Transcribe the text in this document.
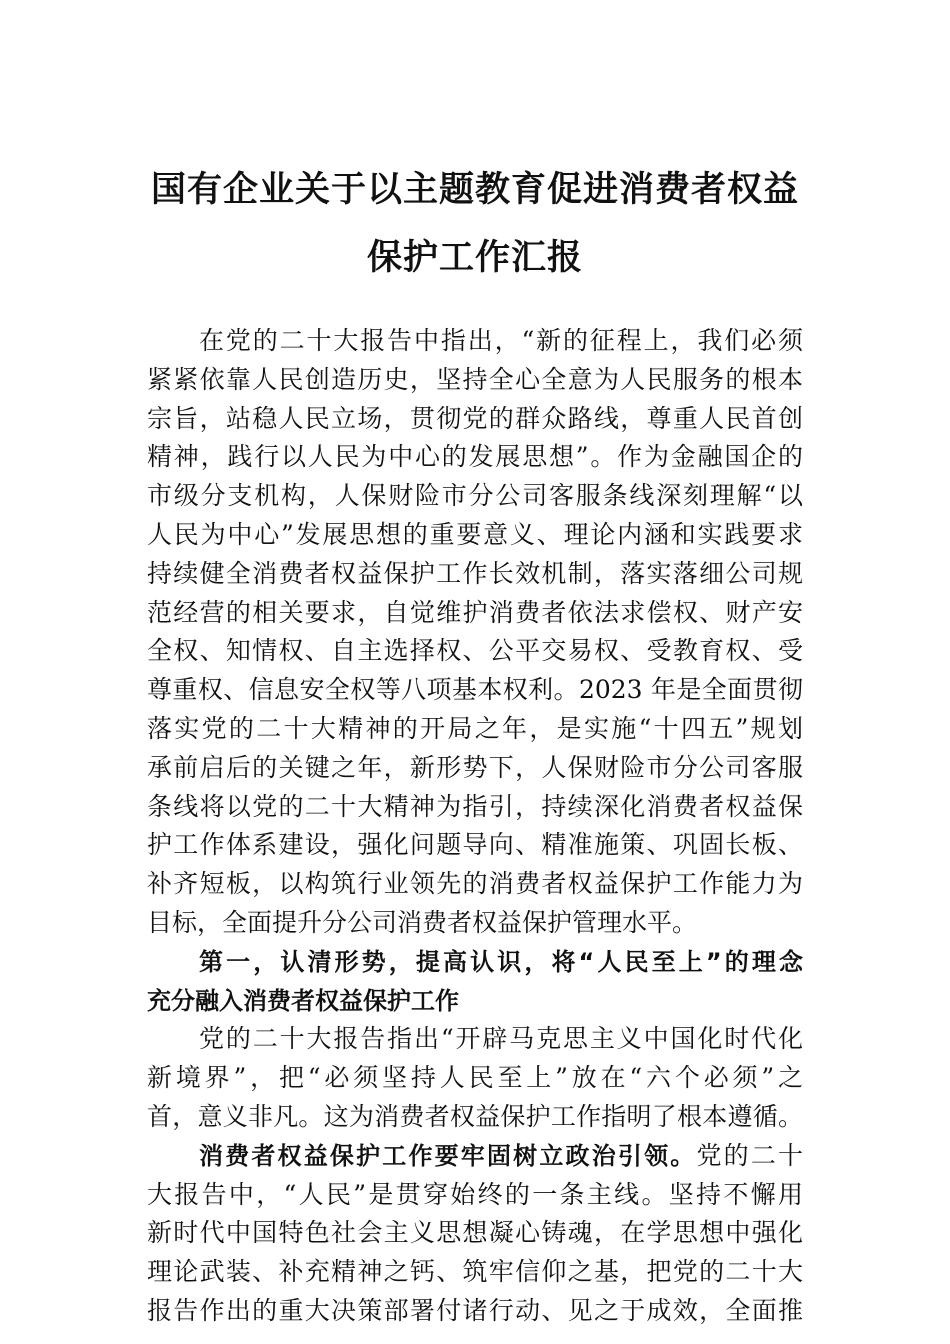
国有企业关于以主题教育促进消费者权益
保护工作汇报
在党的二十大报告中指出，“新的征程上，我们必须
紧紧依靠人民创造历史，坚持全心全意为人民服务的根本
宗旨，站稳人民立场，贯彻党的群众路线，尊重人民首创
精神，践行以人民为中心的发展思想”。作为金融国企的
市级分支机构，人保财险市分公司客服条线深刻理解“以
人民为中心”发展思想的重要意义、理论内涵和实践要求
持续健全消费者权益保护工作长效机制，落实落细公司规
范经营的相关要求，自觉维护消费者依法求偿权、财产安
全权、知情权、自主选择权、公平交易权、受教育权、受
尊重权、信息安全权等八项基本权利。2023 年是全面贯彻
落实党的二十大精神的开局之年，是实施“十四五”规划
承前启后的关键之年，新形势下，人保财险市分公司客服
条线将以党的二十大精神为指引，持续深化消费者权益保
护工作体系建设，强化问题导向、精准施策、巩固长板、
补齐短板，以构筑行业领先的消费者权益保护工作能力为
目标，全面提升分公司消费者权益保护管理水平。
第一，认清形势，提高认识，将“人民至上”的理念
充分融入消费者权益保护工作
党的二十大报告指出“开辟马克思主义中国化时代化
新境界”，把“必须坚持人民至上”放在“六个必须”之
首，意义非凡。这为消费者权益保护工作指明了根本遵循。
消费者权益保护工作要牢固树立政治引领。党的二十
大报告中，“人民”是贯穿始终的一条主线。坚持不懈用
新时代中国特色社会主义思想凝心铸魂，在学思想中强化
理论武装、补充精神之钙、筑牢信仰之基，把党的二十大
报告作出的重大决策部署付诸行动、见之于成效，全面推
